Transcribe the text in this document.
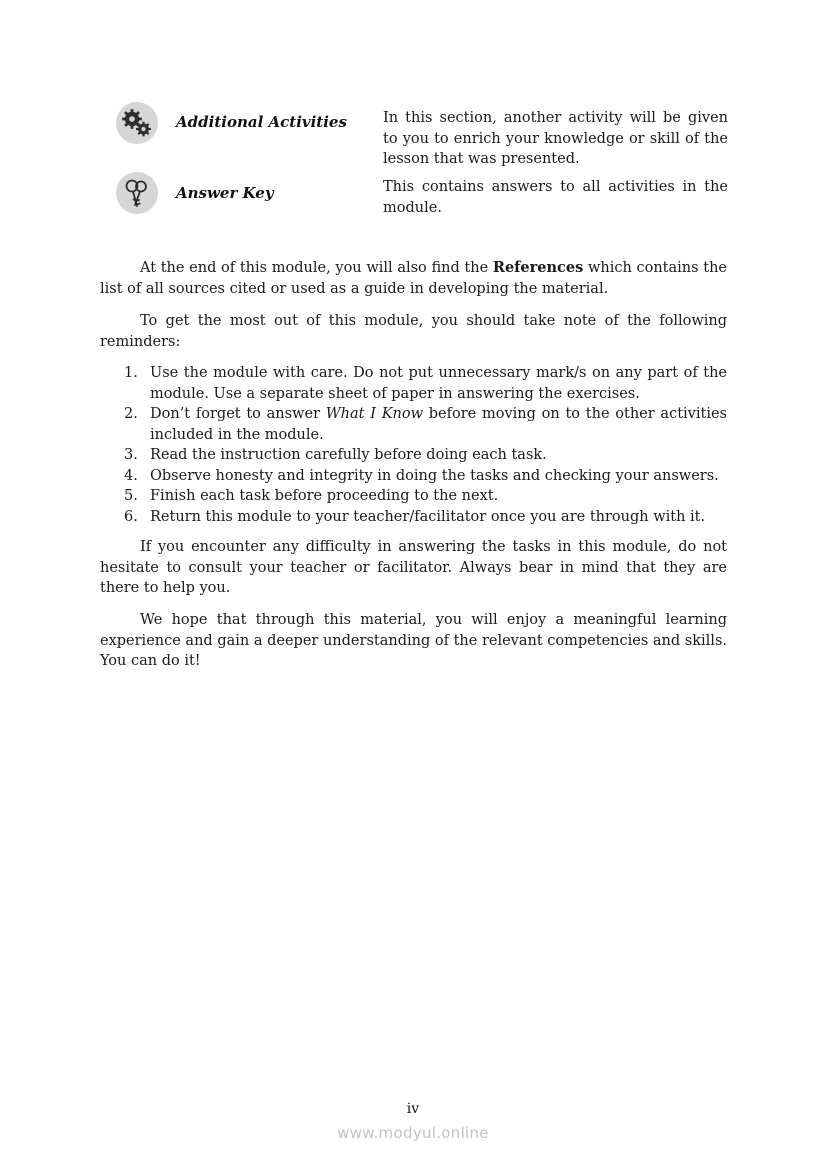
Additional Activities In this section, another activity will be given to you to enrich your knowledge or skill of the lesson that was presented.
Answer Key	This contains answers to all activities in the module.

At the end of this module, you will also find the References which contains the list of all sources cited or used as a guide in developing the material.

To get the most out of this module, you should take note of the following reminders:

1. Use the module with care. Do not put unnecessary mark/s on any part of the module. Use a separate sheet of paper in answering the exercises.
2. Don’t forget to answer What I Know before moving on to the other activities included in the module.
3. Read the instruction carefully before doing each task.
4. Observe honesty and integrity in doing the tasks and checking your answers.
5. Finish each task before proceeding to the next.
6. Return this module to your teacher/facilitator once you are through with it.

If you encounter any difficulty in answering the tasks in this module, do not hesitate to consult your teacher or facilitator. Always bear in mind that they are there to help you.

We hope that through this material, you will enjoy a meaningful learning experience and gain a deeper understanding of the relevant competencies and skills. You can do it!

iv
www.modyul.online
